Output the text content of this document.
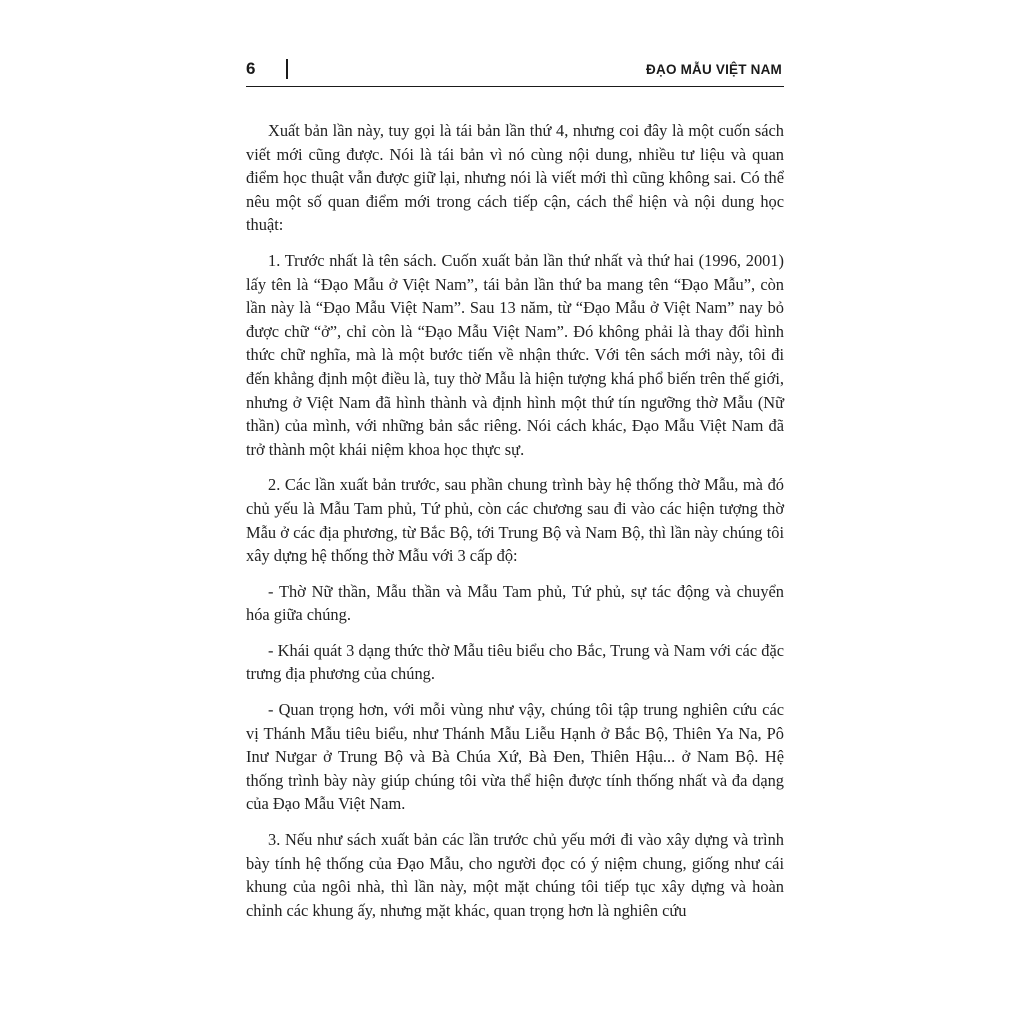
6	ĐẠO MẪU VIỆT NAM

Xuất bản lần này, tuy gọi là tái bản lần thứ 4, nhưng coi đây là một cuốn sách viết mới cũng được. Nói là tái bản vì nó cùng nội dung, nhiều tư liệu và quan điểm học thuật vẫn được giữ lại, nhưng nói là viết mới thì cũng không sai. Có thể nêu một số quan điểm mới trong cách tiếp cận, cách thể hiện và nội dung học thuật:

1. Trước nhất là tên sách. Cuốn xuất bản lần thứ nhất và thứ hai (1996, 2001) lấy tên là “Đạo Mẫu ở Việt Nam”, tái bản lần thứ ba mang tên “Đạo Mẫu”, còn lần này là “Đạo Mẫu Việt Nam”. Sau 13 năm, từ “Đạo Mẫu ở Việt Nam” nay bỏ được chữ “ở”, chỉ còn là “Đạo Mẫu Việt Nam”. Đó không phải là thay đổi hình thức chữ nghĩa, mà là một bước tiến về nhận thức. Với tên sách mới này, tôi đi đến khẳng định một điều là, tuy thờ Mẫu là hiện tượng khá phổ biến trên thế giới, nhưng ở Việt Nam đã hình thành và định hình một thứ tín ngưỡng thờ Mẫu (Nữ thần) của mình, với những bản sắc riêng. Nói cách khác, Đạo Mẫu Việt Nam đã trở thành một khái niệm khoa học thực sự.

2. Các lần xuất bản trước, sau phần chung trình bày hệ thống thờ Mẫu, mà đó chủ yếu là Mẫu Tam phủ, Tứ phủ, còn các chương sau đi vào các hiện tượng thờ Mẫu ở các địa phương, từ Bắc Bộ, tới Trung Bộ và Nam Bộ, thì lần này chúng tôi xây dựng hệ thống thờ Mẫu với 3 cấp độ:

- Thờ Nữ thần, Mẫu thần và Mẫu Tam phủ, Tứ phủ, sự tác động và chuyển hóa giữa chúng.

- Khái quát 3 dạng thức thờ Mẫu tiêu biểu cho Bắc, Trung và Nam với các đặc trưng địa phương của chúng.

- Quan trọng hơn, với mỗi vùng như vậy, chúng tôi tập trung nghiên cứu các vị Thánh Mẫu tiêu biểu, như Thánh Mẫu Liễu Hạnh ở Bắc Bộ, Thiên Ya Na, Pô Inư Nưgar ở Trung Bộ và Bà Chúa Xứ, Bà Đen, Thiên Hậu... ở Nam Bộ. Hệ thống trình bày này giúp chúng tôi vừa thể hiện được tính thống nhất và đa dạng của Đạo Mẫu Việt Nam.

3. Nếu như sách xuất bản các lần trước chủ yếu mới đi vào xây dựng và trình bày tính hệ thống của Đạo Mẫu, cho người đọc có ý niệm chung, giống như cái khung của ngôi nhà, thì lần này, một mặt chúng tôi tiếp tục xây dựng và hoàn chỉnh các khung ấy, nhưng mặt khác, quan trọng hơn là nghiên cứu
